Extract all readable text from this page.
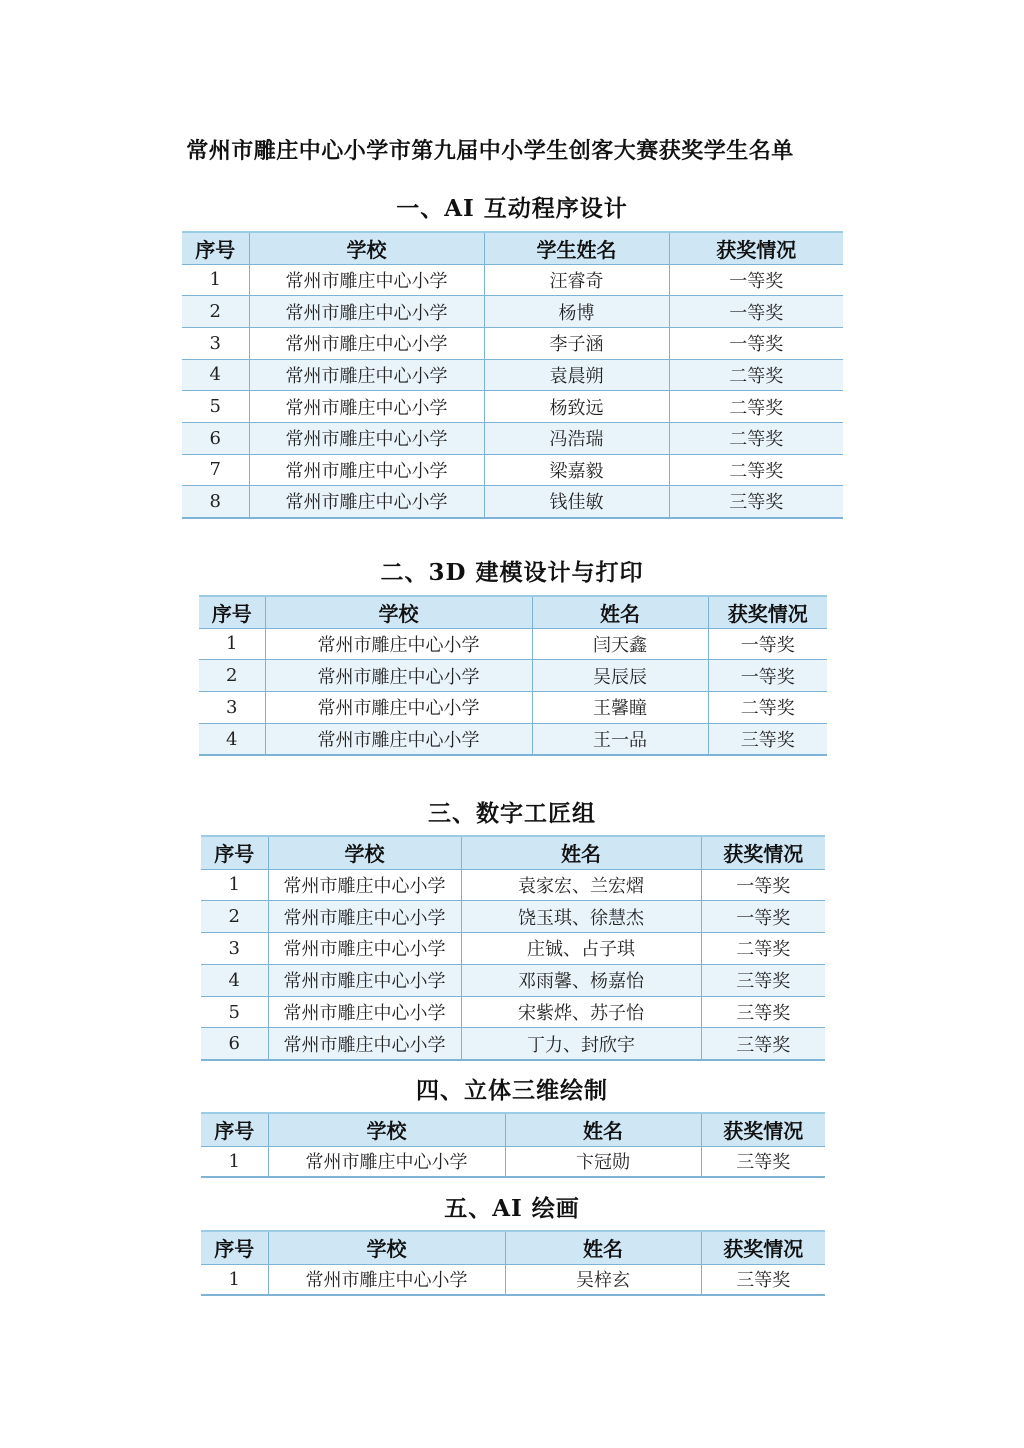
常州市雕庄中心小学市第九届中小学生创客大赛获奖学生名单
一、AI 互动程序设计
序号	学校	学生姓名	获奖情况
1	常州市雕庄中心小学	汪睿奇	一等奖
2	常州市雕庄中心小学	杨博	一等奖
3	常州市雕庄中心小学	李子涵	一等奖
4	常州市雕庄中心小学	袁晨朔	二等奖
5	常州市雕庄中心小学	杨致远	二等奖
6	常州市雕庄中心小学	冯浩瑞	二等奖
7	常州市雕庄中心小学	梁嘉毅	二等奖
8	常州市雕庄中心小学	钱佳敏	三等奖
二、3D 建模设计与打印
序号	学校	姓名	获奖情况
1	常州市雕庄中心小学	闫天鑫	一等奖
2	常州市雕庄中心小学	吴辰辰	一等奖
3	常州市雕庄中心小学	王馨瞳	二等奖
4	常州市雕庄中心小学	王一品	三等奖
三、数字工匠组
序号	学校	姓名	获奖情况
1	常州市雕庄中心小学	袁家宏、兰宏熠	一等奖
2	常州市雕庄中心小学	饶玉琪、徐慧杰	一等奖
3	常州市雕庄中心小学	庄铖、占子琪	二等奖
4	常州市雕庄中心小学	邓雨馨、杨嘉怡	三等奖
5	常州市雕庄中心小学	宋紫烨、苏子怡	三等奖
6	常州市雕庄中心小学	丁力、封欣宇	三等奖
四、立体三维绘制
序号	学校	姓名	获奖情况
1	常州市雕庄中心小学	卞冠勋	三等奖
五、AI 绘画
序号	学校	姓名	获奖情况
1	常州市雕庄中心小学	吴梓玄	三等奖
